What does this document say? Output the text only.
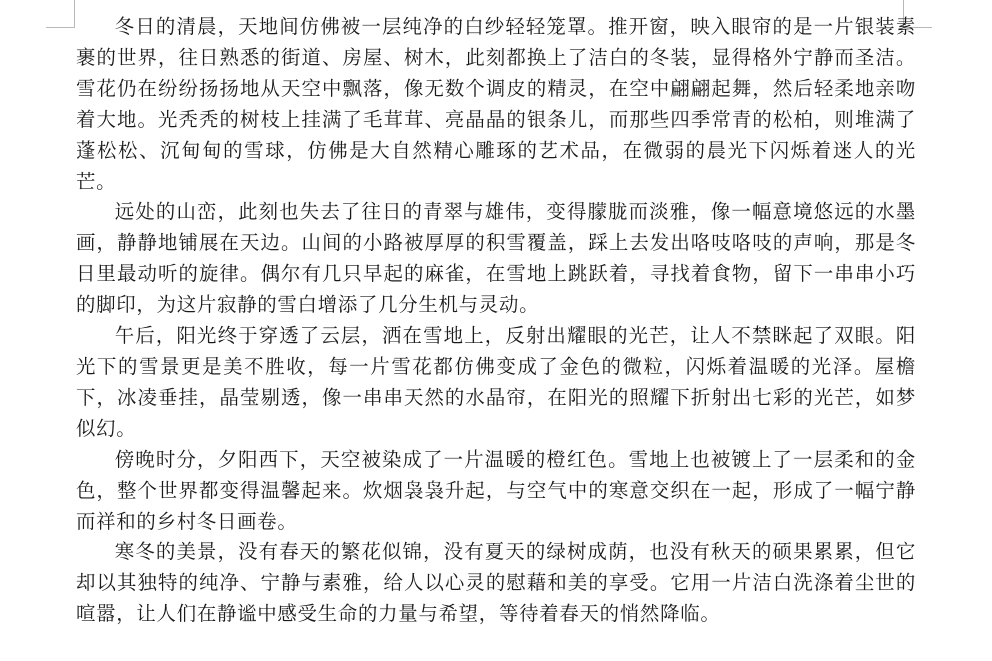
冬日的清晨，天地间仿佛被一层纯净的白纱轻轻笼罩。推开窗，映入眼帘的是一片银装素裹的世界，往日熟悉的街道、房屋、树木，此刻都换上了洁白的冬装，显得格外宁静而圣洁。雪花仍在纷纷扬扬地从天空中飘落，像无数个调皮的精灵，在空中翩翩起舞，然后轻柔地亲吻着大地。光秃秃的树枝上挂满了毛茸茸、亮晶晶的银条儿，而那些四季常青的松柏，则堆满了蓬松松、沉甸甸的雪球，仿佛是大自然精心雕琢的艺术品，在微弱的晨光下闪烁着迷人的光芒。

远处的山峦，此刻也失去了往日的青翠与雄伟，变得朦胧而淡雅，像一幅意境悠远的水墨画，静静地铺展在天边。山间的小路被厚厚的积雪覆盖，踩上去发出咯吱咯吱的声响，那是冬日里最动听的旋律。偶尔有几只早起的麻雀，在雪地上跳跃着，寻找着食物，留下一串串小巧的脚印，为这片寂静的雪白增添了几分生机与灵动。

午后，阳光终于穿透了云层，洒在雪地上，反射出耀眼的光芒，让人不禁眯起了双眼。阳光下的雪景更是美不胜收，每一片雪花都仿佛变成了金色的微粒，闪烁着温暖的光泽。屋檐下，冰凌垂挂，晶莹剔透，像一串串天然的水晶帘，在阳光的照耀下折射出七彩的光芒，如梦似幻。

傍晚时分，夕阳西下，天空被染成了一片温暖的橙红色。雪地上也被镀上了一层柔和的金色，整个世界都变得温馨起来。炊烟袅袅升起，与空气中的寒意交织在一起，形成了一幅宁静而祥和的乡村冬日画卷。

寒冬的美景，没有春天的繁花似锦，没有夏天的绿树成荫，也没有秋天的硕果累累，但它却以其独特的纯净、宁静与素雅，给人以心灵的慰藉和美的享受。它用一片洁白洗涤着尘世的喧嚣，让人们在静谧中感受生命的力量与希望，等待着春天的悄然降临。
